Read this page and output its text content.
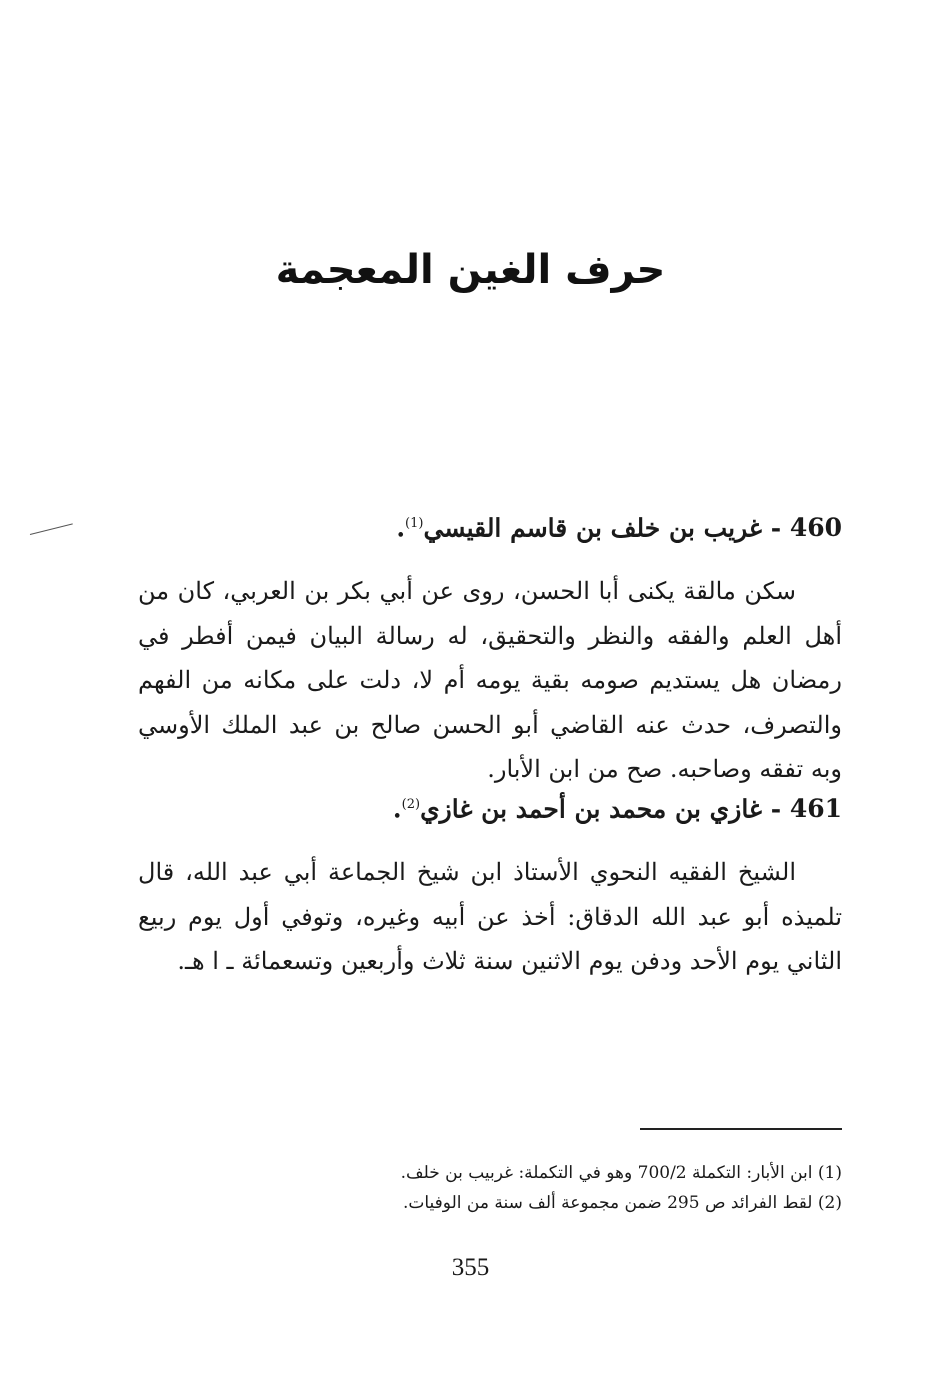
حرف الغين المعجمة
460 - غريب بن خلف بن قاسم القيسي$^{(1)}$.
سكن مالقة يكنى أبا الحسن، روى عن أبي بكر بن العربي، كان من أهل العلم والفقه والنظر والتحقيق، له رسالة البيان فيمن أفطر في رمضان هل يستديم صومه بقية يومه أم لا، دلت على مكانه من الفهم والتصرف، حدث عنه القاضي أبو الحسن صالح بن عبد الملك الأوسي وبه تفقه وصاحبه. صح من ابن الأبار.
461 - غازي بن محمد بن أحمد بن غازي$^{(2)}$.
الشيخ الفقيه النحوي الأستاذ ابن شيخ الجماعة أبي عبد الله، قال تلميذه أبو عبد الله الدقاق: أخذ عن أبيه وغيره، وتوفي أول يوم ربيع الثاني يوم الأحد ودفن يوم الاثنين سنة ثلاث وأربعين وتسعمائة ـ ا هـ.
(1) ابن الأبار: التكملة 700/2 وهو في التكملة: غربيب بن خلف.
(2) لقط الفرائد ص 295 ضمن مجموعة ألف سنة من الوفيات.
355
